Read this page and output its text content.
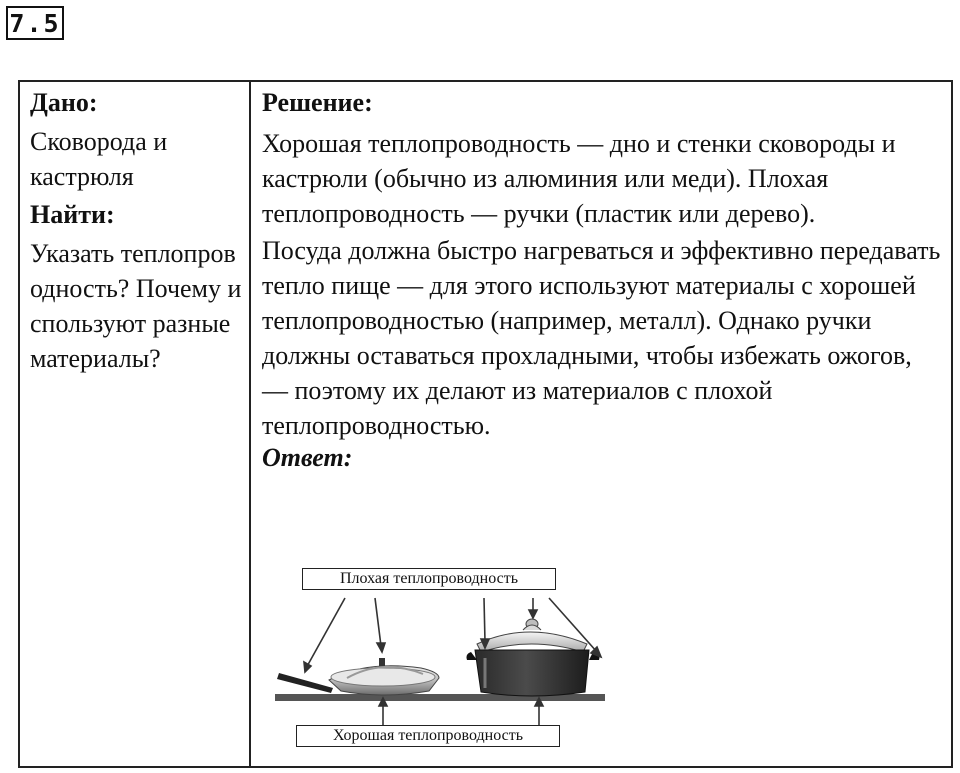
7.5

Дано:

Сковорода и кастрюля

Найти:

Указать теплопроводность? Почему используют разные материалы?

Решение:

Хорошая теплопроводность — дно и стенки сковороды и кастрюли (обычно из алюминия или меди). Плохая теплопроводность — ручки (пластик или дерево).

Посуда должна быстро нагреваться и эффективно передавать тепло пище — для этого используют материалы с хорошей теплопроводностью (например, металл). Однако ручки должны оставаться прохладными, чтобы избежать ожогов, — поэтому их делают из материалов с плохой теплопроводностью.

Ответ:

Плохая теплопроводность
Хорошая теплопроводность
